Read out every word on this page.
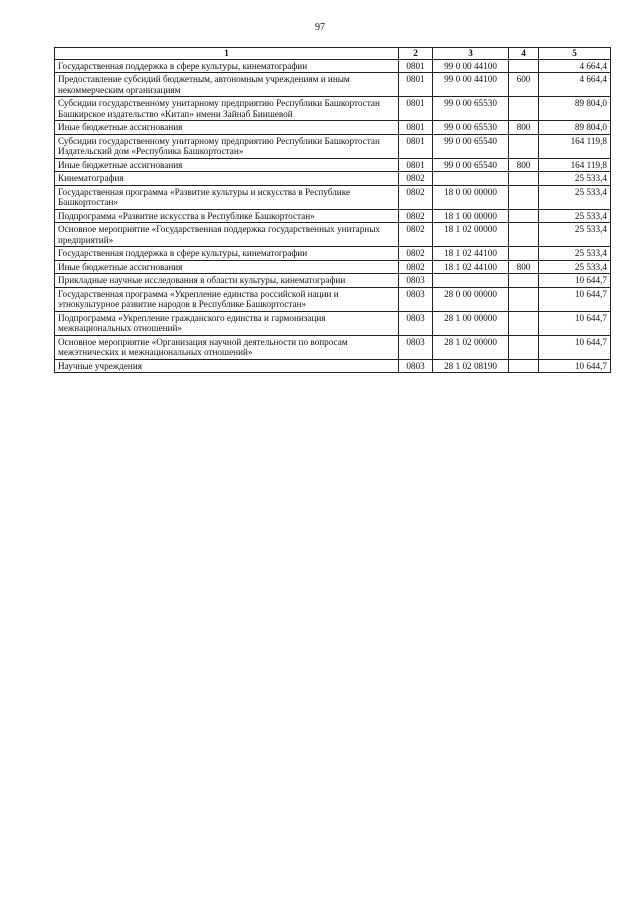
97
1	2	3	4	5
Государственная поддержка в сфере культуры, кинематографии	0801	99 0 00 44100		4 664,4
Предоставление субсидий бюджетным, автономным учреждениям и иным некоммерческим организациям	0801	99 0 00 44100	600	4 664,4
Субсидии государственному унитарному предприятию Республики Башкортостан Башкирское издательство «Китап» имени Зайнаб Биишевой	0801	99 0 00 65530		89 804,0
Иные бюджетные ассигнования	0801	99 0 00 65530	800	89 804,0
Субсидии государственному унитарному предприятию Республики Башкортостан Издательский дом «Республика Башкортостан»	0801	99 0 00 65540		164 119,8
Иные бюджетные ассигнования	0801	99 0 00 65540	800	164 119,8
Кинематография	0802			25 533,4
Государственная программа «Развитие культуры и искусства в Республике Башкортостан»	0802	18 0 00 00000		25 533,4
Подпрограмма «Развитие искусства в Республике Башкортостан»	0802	18 1 00 00000		25 533,4
Основное мероприятие «Государственная поддержка государственных унитарных предприятий»	0802	18 1 02 00000		25 533,4
Государственная поддержка в сфере культуры, кинематографии	0802	18 1 02 44100		25 533,4
Иные бюджетные ассигнования	0802	18 1 02 44100	800	25 533,4
Прикладные научные исследования в области культуры, кинематографии	0803			10 644,7
Государственная программа «Укрепление единства российской нации и этнокультурное развитие народов в Республике Башкортостан»	0803	28 0 00 00000		10 644,7
Подпрограмма «Укрепление гражданского единства и гармонизация межнациональных отношений»	0803	28 1 00 00000		10 644,7
Основное мероприятие «Организация научной деятельности по вопросам межэтнических и межнациональных отношений»	0803	28 1 02 00000		10 644,7
Научные учреждения	0803	28 1 02 08190		10 644,7
